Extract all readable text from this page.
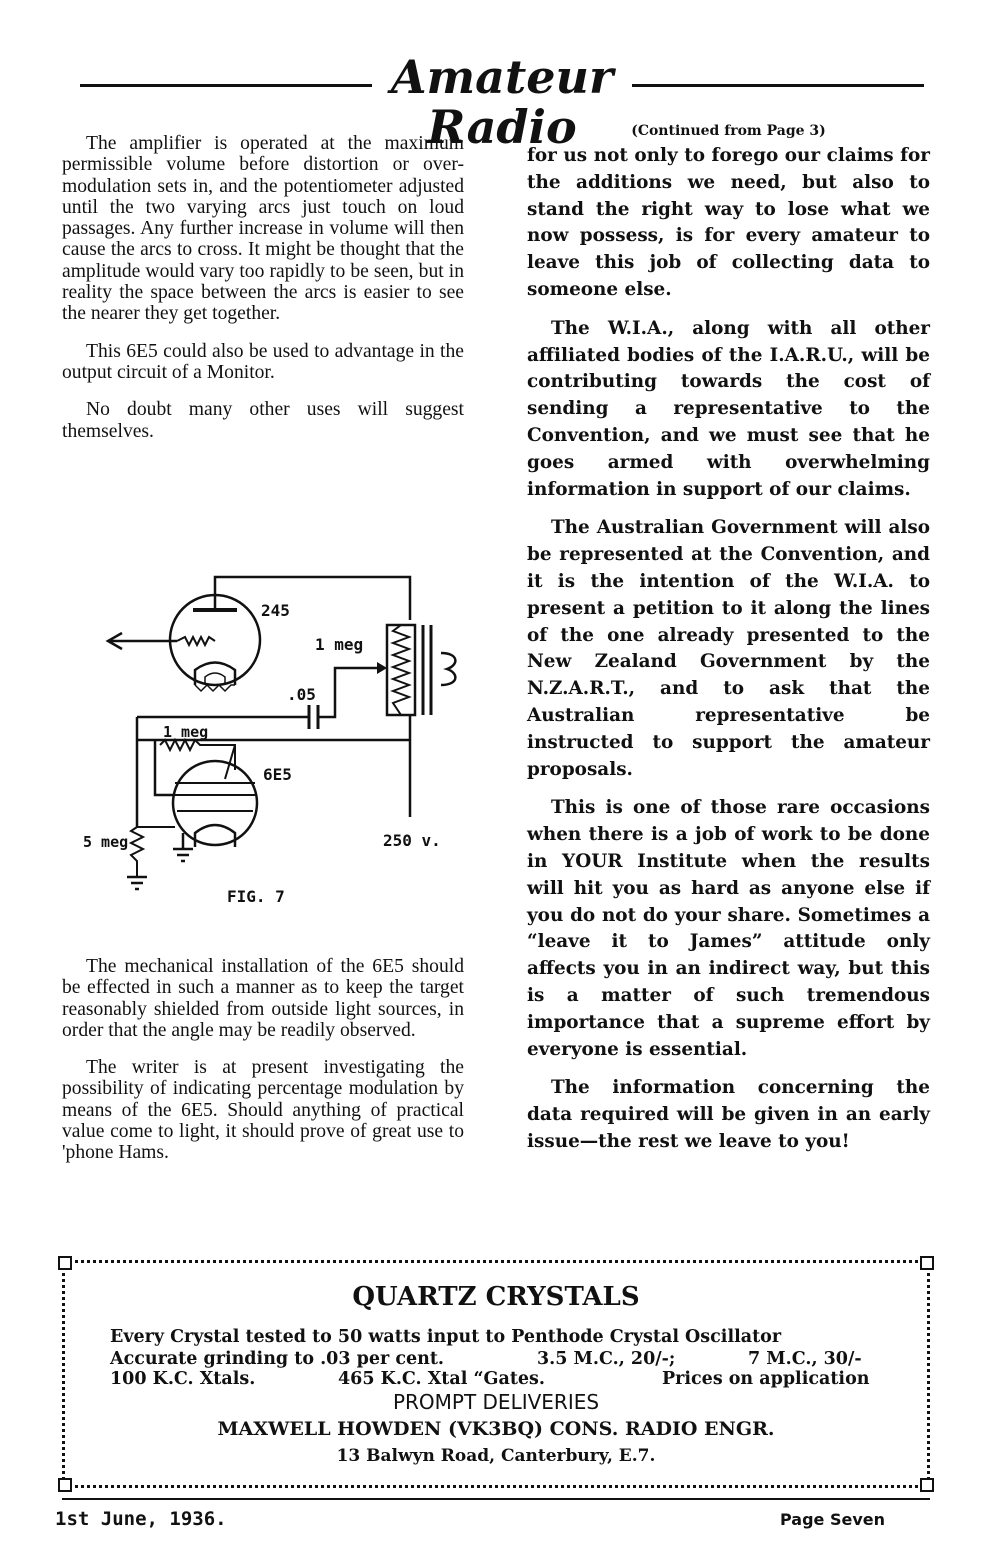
Amateur Radio

The amplifier is operated at the maximum permissible volume before distortion or over-modulation sets in, and the potentiometer adjusted until the two varying arcs just touch on loud passages. Any further increase in volume will then cause the arcs to cross. It might be thought that the amplitude would vary too rapidly to be seen, but in reality the space between the arcs is easier to see the nearer they get together.

This 6E5 could also be used to advantage in the output circuit of a Monitor.

No doubt many other uses will suggest themselves.

245
1 meg
.05
1 meg
6E5
5 meg	250 v.
FIG. 7

The mechanical installation of the 6E5 should be effected in such a manner as to keep the target reasonably shielded from outside light sources, in order that the angle may be readily observed.

The writer is at present investigating the possibility of indicating percentage modulation by means of the 6E5. Should anything of practical value come to light, it should prove of great use to 'phone Hams.

(Continued from Page 3)

for us not only to forego our claims for the additions we need, but also to stand the right way to lose what we now possess, is for every amateur to leave this job of collecting data to someone else.

The W.I.A., along with all other affiliated bodies of the I.A.R.U., will be contributing towards the cost of sending a representative to the Convention, and we must see that he goes armed with overwhelming information in support of our claims.

The Australian Government will also be represented at the Convention, and it is the intention of the W.I.A. to present a petition to it along the lines of the one already presented to the New Zealand Government by the N.Z.A.R.T., and to ask that the Australian representative be instructed to support the amateur proposals.

This is one of those rare occasions when there is a job of work to be done in YOUR Institute when the results will hit you as hard as anyone else if you do not do your share. Sometimes a “leave it to James” attitude only affects you in an indirect way, but this is a matter of such tremendous importance that a supreme effort by everyone is essential.

The information concerning the data required will be given in an early issue—the rest we leave to you!

QUARTZ CRYSTALS
Every Crystal tested to 50 watts input to Penthode Crystal Oscillator
Accurate grinding to .03 per cent.	3.5 M.C., 20/-;	7 M.C., 30/-
100 K.C. Xtals.	465 K.C. Xtal “Gates.	Prices on application
PROMPT DELIVERIES
MAXWELL HOWDEN (VK3BQ) CONS. RADIO ENGR.
13 Balwyn Road, Canterbury, E.7.
1st June, 1936.	Page Seven
